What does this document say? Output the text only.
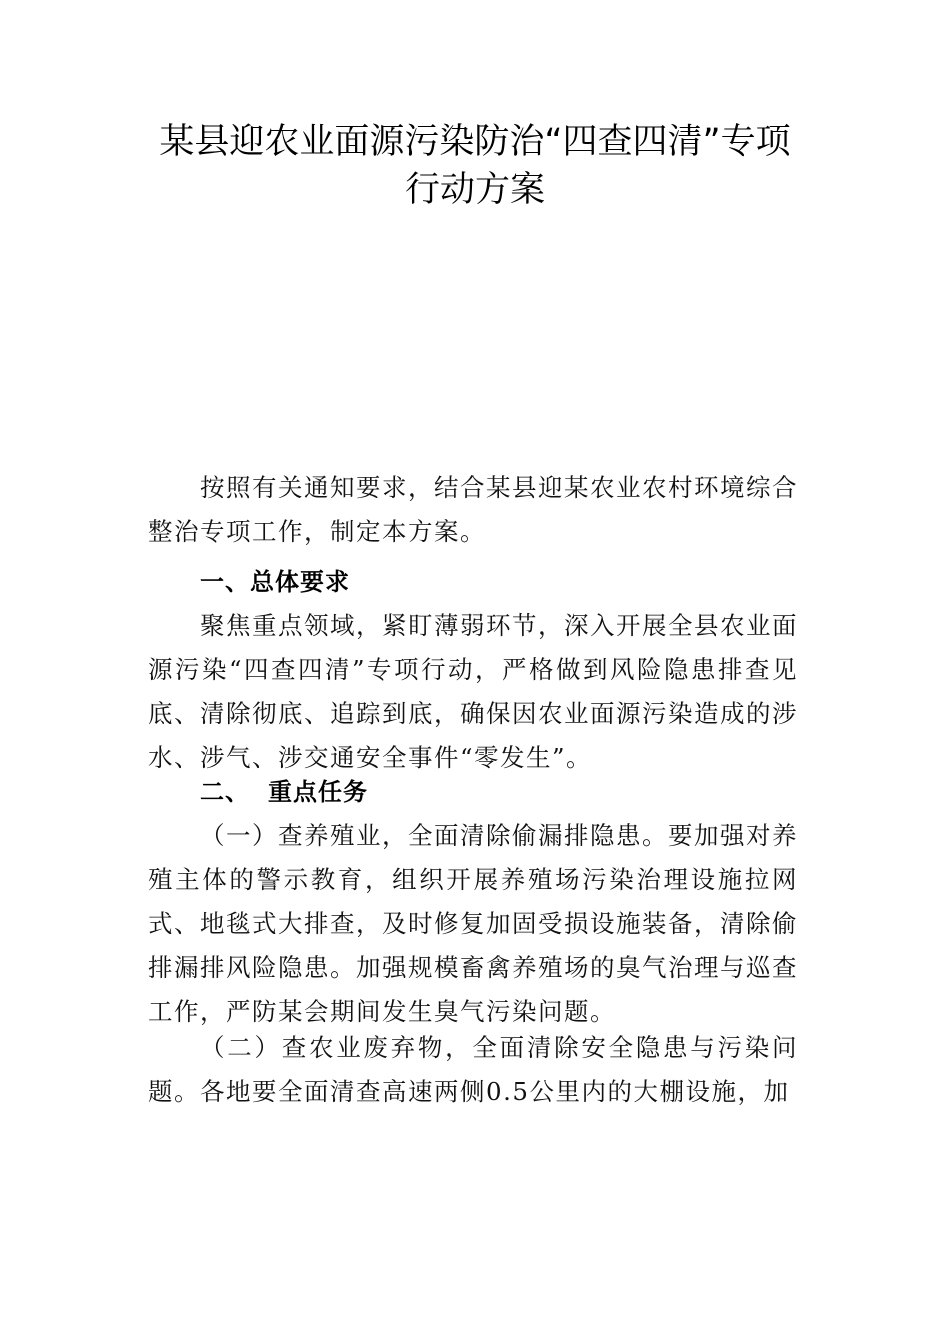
某县迎农业面源污染防治“四查四清”专项
行动方案

按照有关通知要求，结合某县迎某农业农村环境综合整治专项工作，制定本方案。

一、总体要求

聚焦重点领域，紧盯薄弱环节，深入开展全县农业面源污染“四查四清”专项行动，严格做到风险隐患排查见底、清除彻底、追踪到底，确保因农业面源污染造成的涉水、涉气、涉交通安全事件“零发生”。

二、 重点任务

（一）查养殖业，全面清除偷漏排隐患。要加强对养殖主体的警示教育，组织开展养殖场污染治理设施拉网式、地毯式大排查，及时修复加固受损设施装备，清除偷排漏排风险隐患。加强规模畜禽养殖场的臭气治理与巡查工作，严防某会期间发生臭气污染问题。

（二）查农业废弃物，全面清除安全隐患与污染问题。各地要全面清查高速两侧0.5公里内的大棚设施，加
